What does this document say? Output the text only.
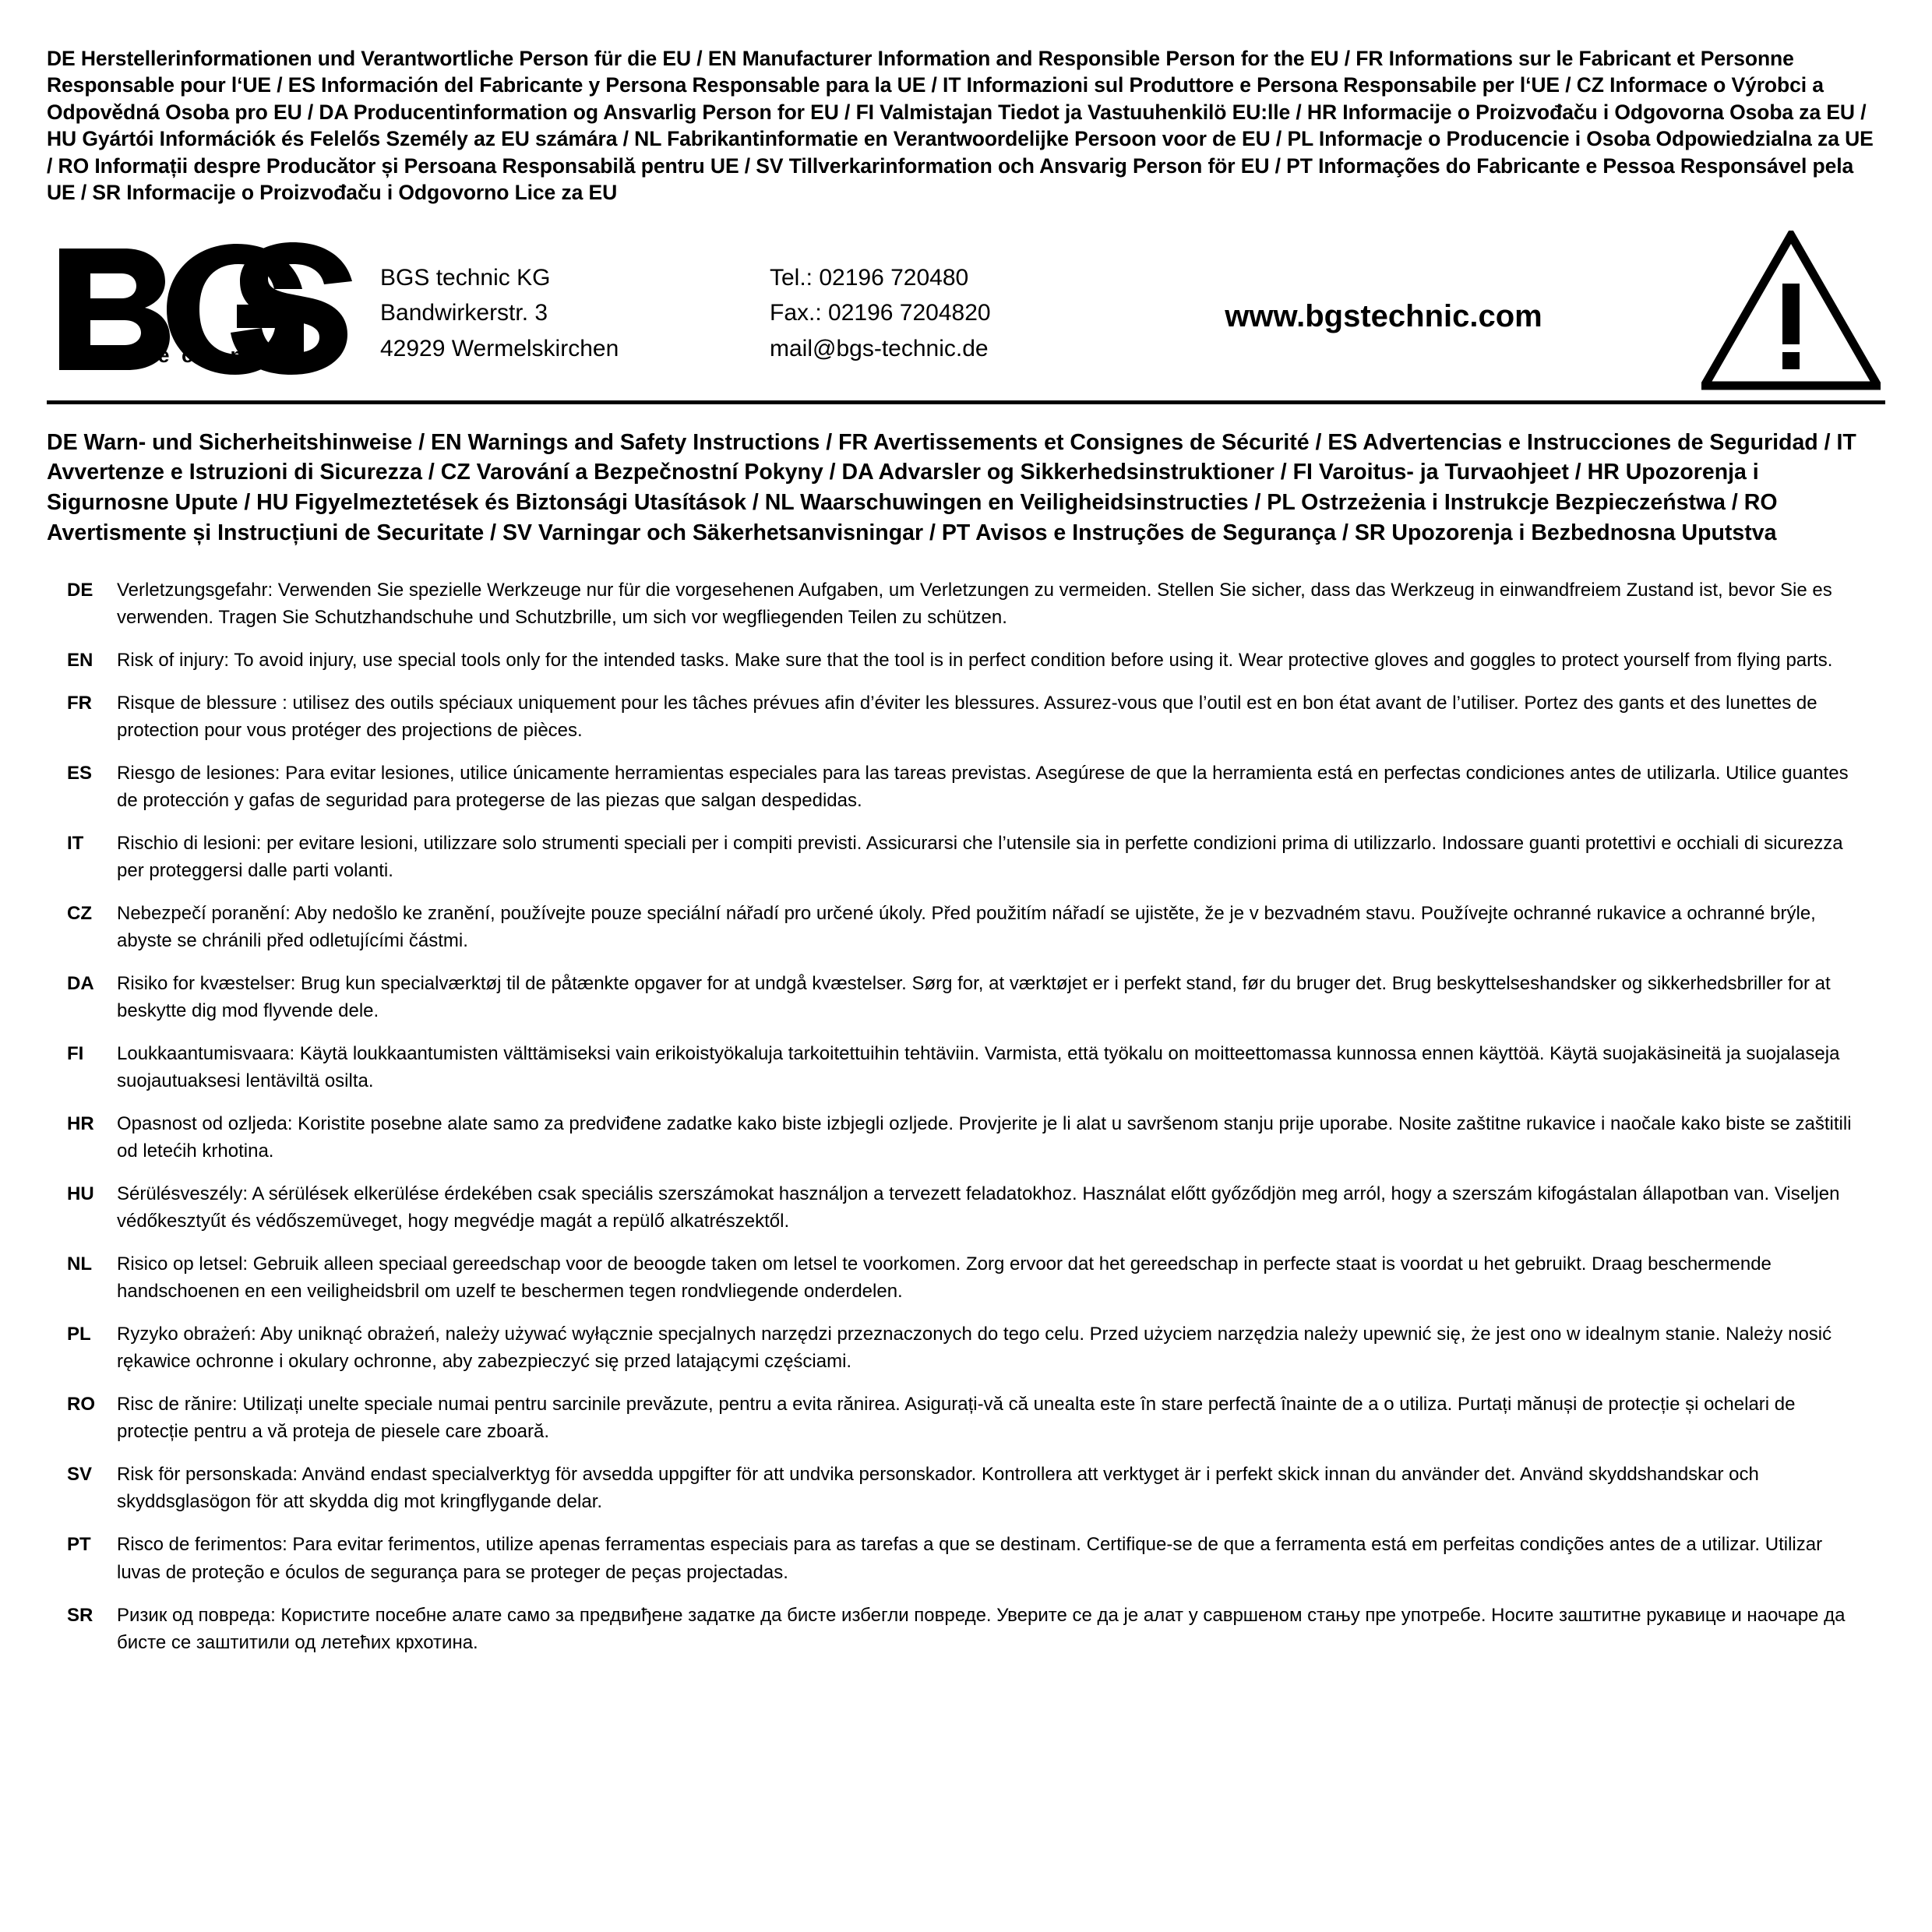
DE Herstellerinformationen und Verantwortliche Person für die EU / EN Manufacturer Information and Responsible Person for the EU / FR Informations sur le Fabricant et Personne Responsable pour l‘UE / ES Información del Fabricante y Persona Responsable para la UE / IT Informazioni sul Produttore e Persona Responsabile per l‘UE / CZ Informace o Výrobci a Odpovědná Osoba pro EU / DA Producentinformation og Ansvarlig Person for EU / FI Valmistajan Tiedot ja Vastuuhenkilö EU:lle / HR Informacije o Proizvođaču i Odgovorna Osoba za EU / HU Gyártói Információk és Felelős Személy az EU számára / NL Fabrikantinformatie en Verantwoordelijke Persoon voor de EU / PL Informacje o Producencie i Osoba Odpowiedzialna za UE / RO Informații despre Producător și Persoana Responsabilă pentru UE / SV Tillverkarinformation och Ansvarig Person för EU / PT Informações do Fabricante e Pessoa Responsável pela UE / SR Informacije o Proizvođaču i Odgovorno Lice za EU
®
t e c h n i c
BGS technic KG
Bandwirkerstr. 3
42929 Wermelskirchen
Tel.: 02196 720480
Fax.: 02196 7204820
mail@bgs-technic.de
www.bgstechnic.com
DE Warn- und Sicherheitshinweise / EN Warnings and Safety Instructions / FR Avertissements et Consignes de Sécurité / ES Advertencias e Instrucciones de Seguridad / IT Avvertenze e Istruzioni di Sicurezza / CZ Varování a Bezpečnostní Pokyny / DA Advarsler og Sikkerhedsinstruktioner / FI Varoitus- ja Turvaohjeet / HR Upozorenja i Sigurnosne Upute / HU Figyelmeztetések és Biztonsági Utasítások / NL Waarschuwingen en Veiligheidsinstructies / PL Ostrzeżenia i Instrukcje Bezpieczeństwa / RO Avertismente și Instrucțiuni de Securitate / SV Varningar och Säkerhetsanvisningar / PT Avisos e Instruções de Segurança / SR Upozorenja i Bezbednosna Uputstva
DE	Verletzungsgefahr: Verwenden Sie spezielle Werkzeuge nur für die vorgesehenen Aufgaben, um Verletzungen zu vermeiden. Stellen Sie sicher, dass das Werkzeug in einwandfreiem Zustand ist, bevor Sie es verwenden. Tragen Sie Schutzhandschuhe und Schutzbrille, um sich vor wegfliegenden Teilen zu schützen.
EN	Risk of injury: To avoid injury, use special tools only for the intended tasks. Make sure that the tool is in perfect condition before using it. Wear protective gloves and goggles to protect yourself from flying parts.
FR	Risque de blessure : utilisez des outils spéciaux uniquement pour les tâches prévues afin d’éviter les blessures. Assurez-vous que l’outil est en bon état avant de l’utiliser. Portez des gants et des lunettes de protection pour vous protéger des projections de pièces.
ES	Riesgo de lesiones: Para evitar lesiones, utilice únicamente herramientas especiales para las tareas previstas. Asegúrese de que la herramienta está en perfectas condiciones antes de utilizarla. Utilice guantes de protección y gafas de seguridad para protegerse de las piezas que salgan despedidas.
IT	Rischio di lesioni: per evitare lesioni, utilizzare solo strumenti speciali per i compiti previsti. Assicurarsi che l’utensile sia in perfette condizioni prima di utilizzarlo. Indossare guanti protettivi e occhiali di sicurezza per proteggersi dalle parti volanti.
CZ	Nebezpečí poranění: Aby nedošlo ke zranění, používejte pouze speciální nářadí pro určené úkoly. Před použitím nářadí se ujistěte, že je v bezvadném stavu. Používejte ochranné rukavice a ochranné brýle, abyste se chránili před odletujícími částmi.
DA	Risiko for kvæstelser: Brug kun specialværktøj til de påtænkte opgaver for at undgå kvæstelser. Sørg for, at værktøjet er i perfekt stand, før du bruger det. Brug beskyttelseshandsker og sikkerhedsbriller for at beskytte dig mod flyvende dele.
FI	Loukkaantumisvaara: Käytä loukkaantumisten välttämiseksi vain erikoistyökaluja tarkoitettuihin tehtäviin. Varmista, että työkalu on moitteettomassa kunnossa ennen käyttöä. Käytä suojakäsineitä ja suojalaseja suojautuaksesi lentäviltä osilta.
HR	Opasnost od ozljeda: Koristite posebne alate samo za predviđene zadatke kako biste izbjegli ozljede. Provjerite je li alat u savršenom stanju prije uporabe. Nosite zaštitne rukavice i naočale kako biste se zaštitili od letećih krhotina.
HU	Sérülésveszély: A sérülések elkerülése érdekében csak speciális szerszámokat használjon a tervezett feladatokhoz. Használat előtt győződjön meg arról, hogy a szerszám kifogástalan állapotban van. Viseljen védőkesztyűt és védőszemüveget, hogy megvédje magát a repülő alkatrészektől.
NL	Risico op letsel: Gebruik alleen speciaal gereedschap voor de beoogde taken om letsel te voorkomen. Zorg ervoor dat het gereedschap in perfecte staat is voordat u het gebruikt. Draag beschermende handschoenen en een veiligheidsbril om uzelf te beschermen tegen rondvliegende onderdelen.
PL	Ryzyko obrażeń: Aby uniknąć obrażeń, należy używać wyłącznie specjalnych narzędzi przeznaczonych do tego celu. Przed użyciem narzędzia należy upewnić się, że jest ono w idealnym stanie. Należy nosić rękawice ochronne i okulary ochronne, aby zabezpieczyć się przed latającymi częściami.
RO	Risc de rănire: Utilizați unelte speciale numai pentru sarcinile prevăzute, pentru a evita rănirea. Asigurați-vă că unealta este în stare perfectă înainte de a o utiliza. Purtați mănuși de protecție și ochelari de protecție pentru a vă proteja de piesele care zboară.
SV	Risk för personskada: Använd endast specialverktyg för avsedda uppgifter för att undvika personskador. Kontrollera att verktyget är i perfekt skick innan du använder det. Använd skyddshandskar och skyddsglasögon för att skydda dig mot kringflygande delar.
PT	Risco de ferimentos: Para evitar ferimentos, utilize apenas ferramentas especiais para as tarefas a que se destinam. Certifique-se de que a ferramenta está em perfeitas condições antes de a utilizar. Utilizar luvas de proteção e óculos de segurança para se proteger de peças projectadas.
SR	Ризик од повреда: Користите посебне алате само за предвиђене задатке да бисте избегли повреде. Уверите се да је алат у савршеном стању пре употребе. Носите заштитне рукавице и наочаре да бисте се заштитили од летећих крхотина.
